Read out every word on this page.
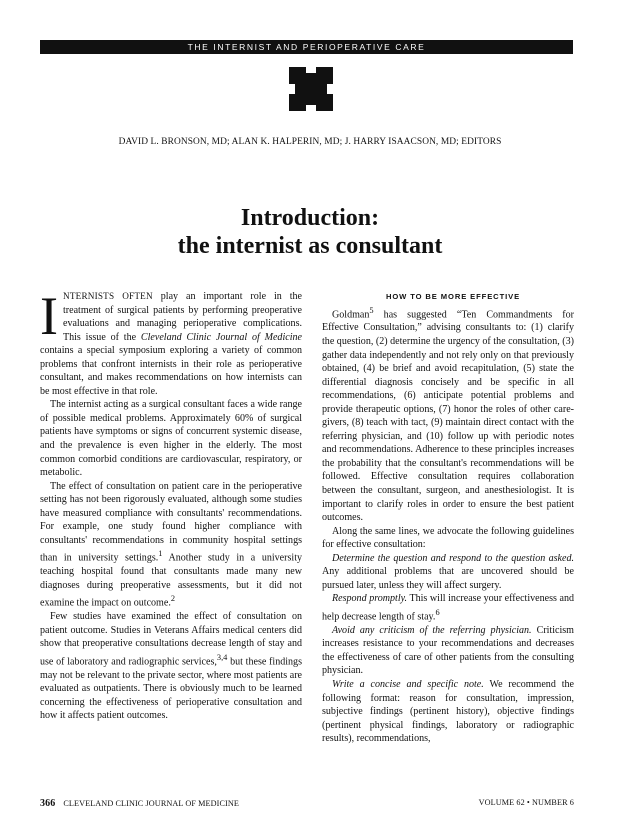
THE INTERNIST AND PERIOPERATIVE CARE
DAVID L. BRONSON, MD; ALAN K. HALPERIN, MD; J. HARRY ISAACSON, MD; EDITORS
Introduction:
the internist as consultant

INTERNISTS OFTEN play an important role in the treatment of surgical patients by performing preoperative evaluations and managing perioperative complications. This issue of the Cleveland Clinic Journal of Medicine contains a special symposium exploring a variety of common problems that confront internists in their role as perioperative consultant, and makes recommendations on how internists can be most effective in that role.

The internist acting as a surgical consultant faces a wide range of possible medical problems. Approximately 60% of surgical patients have symptoms or signs of concurrent systemic disease, and the prevalence is even higher in the elderly. The most common comorbid conditions are cardiovascular, respiratory, or metabolic.

The effect of consultation on patient care in the perioperative setting has not been rigorously evaluated, although some studies have measured compliance with consultants' recommendations. For example, one study found higher compliance with consultants' recommendations in community hospital settings than in university settings.$^1$ Another study in a university teaching hospital found that consultants made many new diagnoses during preoperative assessments, but it did not examine the impact on outcome.$^2$

Few studies have examined the effect of consultation on patient outcome. Studies in Veterans Affairs medical centers did show that preoperative consultations decrease length of stay and use of laboratory and radiographic services,$^{3,4}$ but these findings may not be relevant to the private sector, where most patients are evaluated as outpatients. There is obviously much to be learned concerning the effectiveness of perioperative consultation and how it affects patient outcomes.

HOW TO BE MORE EFFECTIVE

Goldman$^5$ has suggested “Ten Commandments for Effective Consultation,” advising consultants to: (1) clarify the question, (2) determine the urgency of the consultation, (3) gather data independently and not rely only on that previously obtained, (4) be brief and avoid recapitulation, (5) state the differential diagnosis concisely and be specific in all recommendations, (6) anticipate potential problems and provide therapeutic options, (7) honor the roles of other care-givers, (8) teach with tact, (9) maintain direct contact with the referring physician, and (10) follow up with periodic notes and recommendations. Adherence to these principles increases the probability that the consultant's recommendations will be followed. Effective consultation requires collaboration between the consultant, surgeon, and anesthesiologist. It is important to clarify roles in order to ensure the best patient outcomes.

Along the same lines, we advocate the following guidelines for effective consultation:

Determine the question and respond to the question asked. Any additional problems that are uncovered should be pursued later, unless they will affect surgery.

Respond promptly. This will increase your effectiveness and help decrease length of stay.$^6$

Avoid any criticism of the referring physician. Criticism increases resistance to your recommendations and decreases the effectiveness of care of other patients from the consulting physician.

Write a concise and specific note. We recommend the following format: reason for consultation, impression, subjective findings (pertinent history), objective findings (pertinent physical findings, laboratory or radiographic results), recommendations,

366 CLEVELAND CLINIC JOURNAL OF MEDICINE	VOLUME 62 • NUMBER 6
